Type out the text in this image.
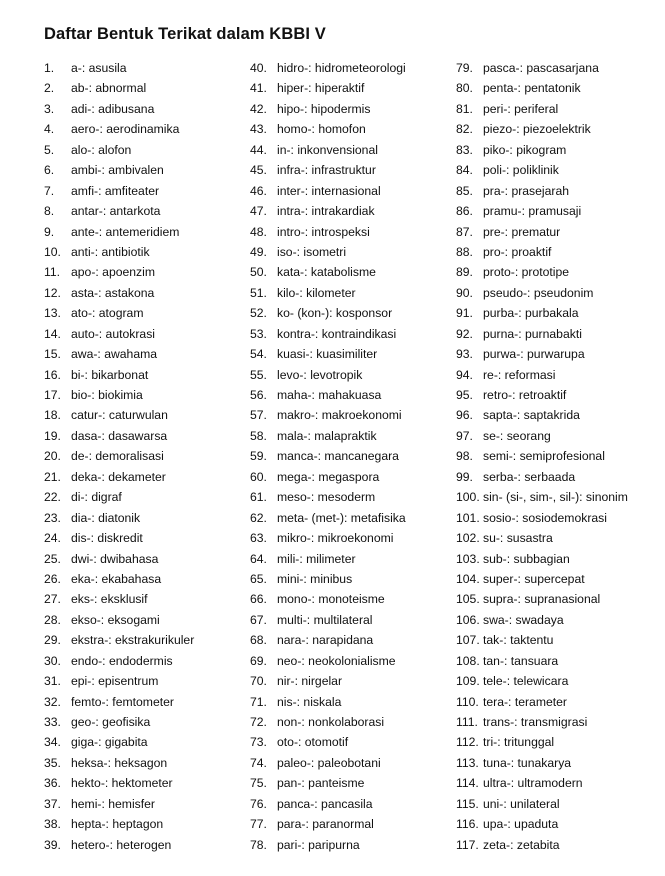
Daftar Bentuk Terikat dalam KBBI V
1. a-: asusila
2. ab-: abnormal
3. adi-: adibusana
4. aero-: aerodinamika
5. alo-: alofon
6. ambi-: ambivalen
7. amfi-: amfiteater
8. antar-: antarkota
9. ante-: antemeridiem
10. anti-: antibiotik
11. apo-: apoenzim
12. asta-: astakona
13. ato-: atogram
14. auto-: autokrasi
15. awa-: awahama
16. bi-: bikarbonat
17. bio-: biokimia
18. catur-: caturwulan
19. dasa-: dasawarsa
20. de-: demoralisasi
21. deka-: dekameter
22. di-: digraf
23. dia-: diatonik
24. dis-: diskredit
25. dwi-: dwibahasa
26. eka-: ekabahasa
27. eks-: eksklusif
28. ekso-: eksogami
29. ekstra-: ekstrakurikuler
30. endo-: endodermis
31. epi-: episentrum
32. femto-: femtometer
33. geo-: geofisika
34. giga-: gigabita
35. heksa-: heksagon
36. hekto-: hektometer
37. hemi-: hemisfer
38. hepta-: heptagon
39. hetero-: heterogen
40. hidro-: hidrometeorologi
41. hiper-: hiperaktif
42. hipo-: hipodermis
43. homo-: homofon
44. in-: inkonvensional
45. infra-: infrastruktur
46. inter-: internasional
47. intra-: intrakardiak
48. intro-: introspeksi
49. iso-: isometri
50. kata-: katabolisme
51. kilo-: kilometer
52. ko- (kon-): kosponsor
53. kontra-: kontraindikasi
54. kuasi-: kuasimiliter
55. levo-: levotropik
56. maha-: mahakuasa
57. makro-: makroekonomi
58. mala-: malapraktik
59. manca-: mancanegara
60. mega-: megaspora
61. meso-: mesoderm
62. meta- (met-): metafisika
63. mikro-: mikroekonomi
64. mili-: milimeter
65. mini-: minibus
66. mono-: monoteisme
67. multi-: multilateral
68. nara-: narapidana
69. neo-: neokolonialisme
70. nir-: nirgelar
71. nis-: niskala
72. non-: nonkolaborasi
73. oto-: otomotif
74. paleo-: paleobotani
75. pan-: panteisme
76. panca-: pancasila
77. para-: paranormal
78. pari-: paripurna
79. pasca-: pascasarjana
80. penta-: pentatonik
81. peri-: periferal
82. piezo-: piezoelektrik
83. piko-: pikogram
84. poli-: poliklinik
85. pra-: prasejarah
86. pramu-: pramusaji
87. pre-: prematur
88. pro-: proaktif
89. proto-: prototipe
90. pseudo-: pseudonim
91. purba-: purbakala
92. purna-: purnabakti
93. purwa-: purwarupa
94. re-: reformasi
95. retro-: retroaktif
96. sapta-: saptakrida
97. se-: seorang
98. semi-: semiprofesional
99. serba-: serbaada
100. sin- (si-, sim-, sil-): sinonim
101. sosio-: sosiodemokrasi
102. su-: susastra
103. sub-: subbagian
104. super-: supercepat
105. supra-: supranasional
106. swa-: swadaya
107. tak-: taktentu
108. tan-: tansuara
109. tele-: telewicara
110. tera-: terameter
111. trans-: transmigrasi
112. tri-: tritunggal
113. tuna-: tunakarya
114. ultra-: ultramodern
115. uni-: unilateral
116. upa-: upaduta
117. zeta-: zetabita
